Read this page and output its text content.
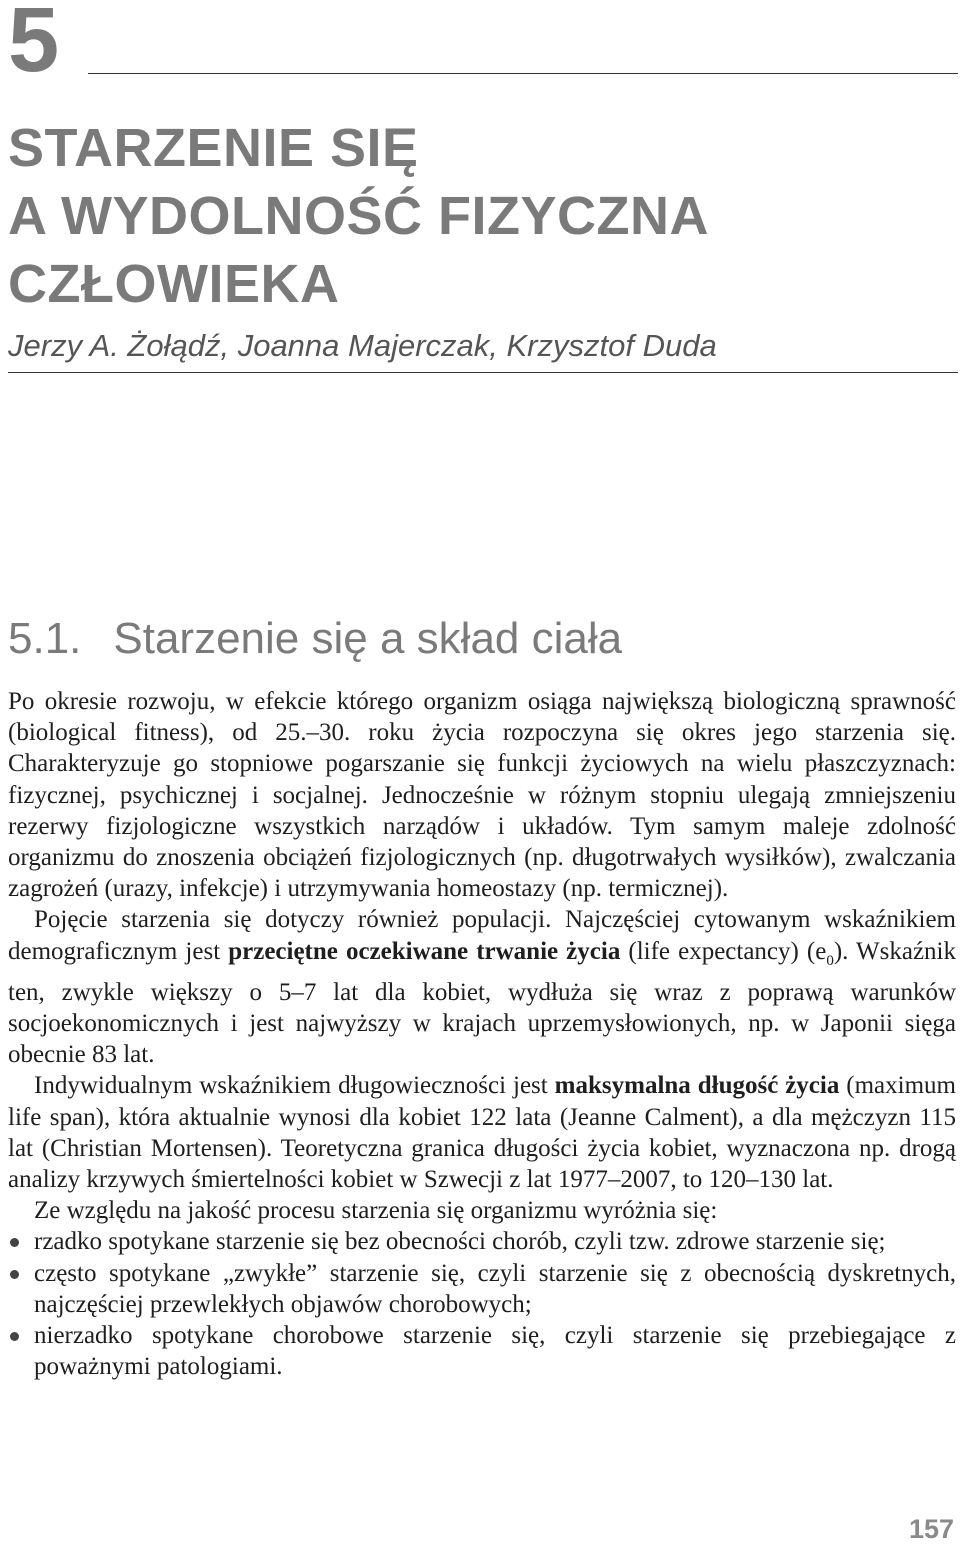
5
STARZENIE SIĘ
A WYDOLNOŚĆ FIZYCZNA
CZŁOWIEKA

Jerzy A. Żołądź, Joanna Majerczak, Krzysztof Duda

5.1. Starzenie się a skład ciała

Po okresie rozwoju, w efekcie którego organizm osiąga największą biologiczną sprawność (biological fitness), od 25.–30. roku życia rozpoczyna się okres jego starzenia się. Charakteryzuje go stopniowe pogarszanie się funkcji życiowych na wielu płaszczyznach: fizycznej, psychicznej i socjalnej. Jednocześnie w różnym stopniu ulegają zmniejszeniu rezerwy fizjologiczne wszystkich narządów i układów. Tym samym maleje zdolność organizmu do znoszenia obciążeń fizjologicznych (np. długotrwałych wysiłków), zwalczania zagrożeń (urazy, infekcje) i utrzymywania homeostazy (np. termicznej).

Pojęcie starzenia się dotyczy również populacji. Najczęściej cytowanym wskaźnikiem demograficznym jest przeciętne oczekiwane trwanie życia (life expectancy) $(e_0)$. Wskaźnik ten, zwykle większy o 5–7 lat dla kobiet, wydłuża się wraz z poprawą warunków socjoekonomicznych i jest najwyższy w krajach uprzemysłowionych, np. w Japonii sięga obecnie 83 lat.

Indywidualnym wskaźnikiem długowieczności jest maksymalna długość życia (maximum life span), która aktualnie wynosi dla kobiet 122 lata (Jeanne Calment), a dla mężczyzn 115 lat (Christian Mortensen). Teoretyczna granica długości życia kobiet, wyznaczona np. drogą analizy krzywych śmiertelności kobiet w Szwecji z lat 1977–2007, to 120–130 lat.

Ze względu na jakość procesu starzenia się organizmu wyróżnia się:

rzadko spotykane starzenie się bez obecności chorób, czyli tzw. zdrowe starzenie się;
często spotykane „zwykłe” starzenie się, czyli starzenie się z obecnością dyskretnych, najczęściej przewlekłych objawów chorobowych;
nierzadko spotykane chorobowe starzenie się, czyli starzenie się przebiegające z poważnymi patologiami.
157
